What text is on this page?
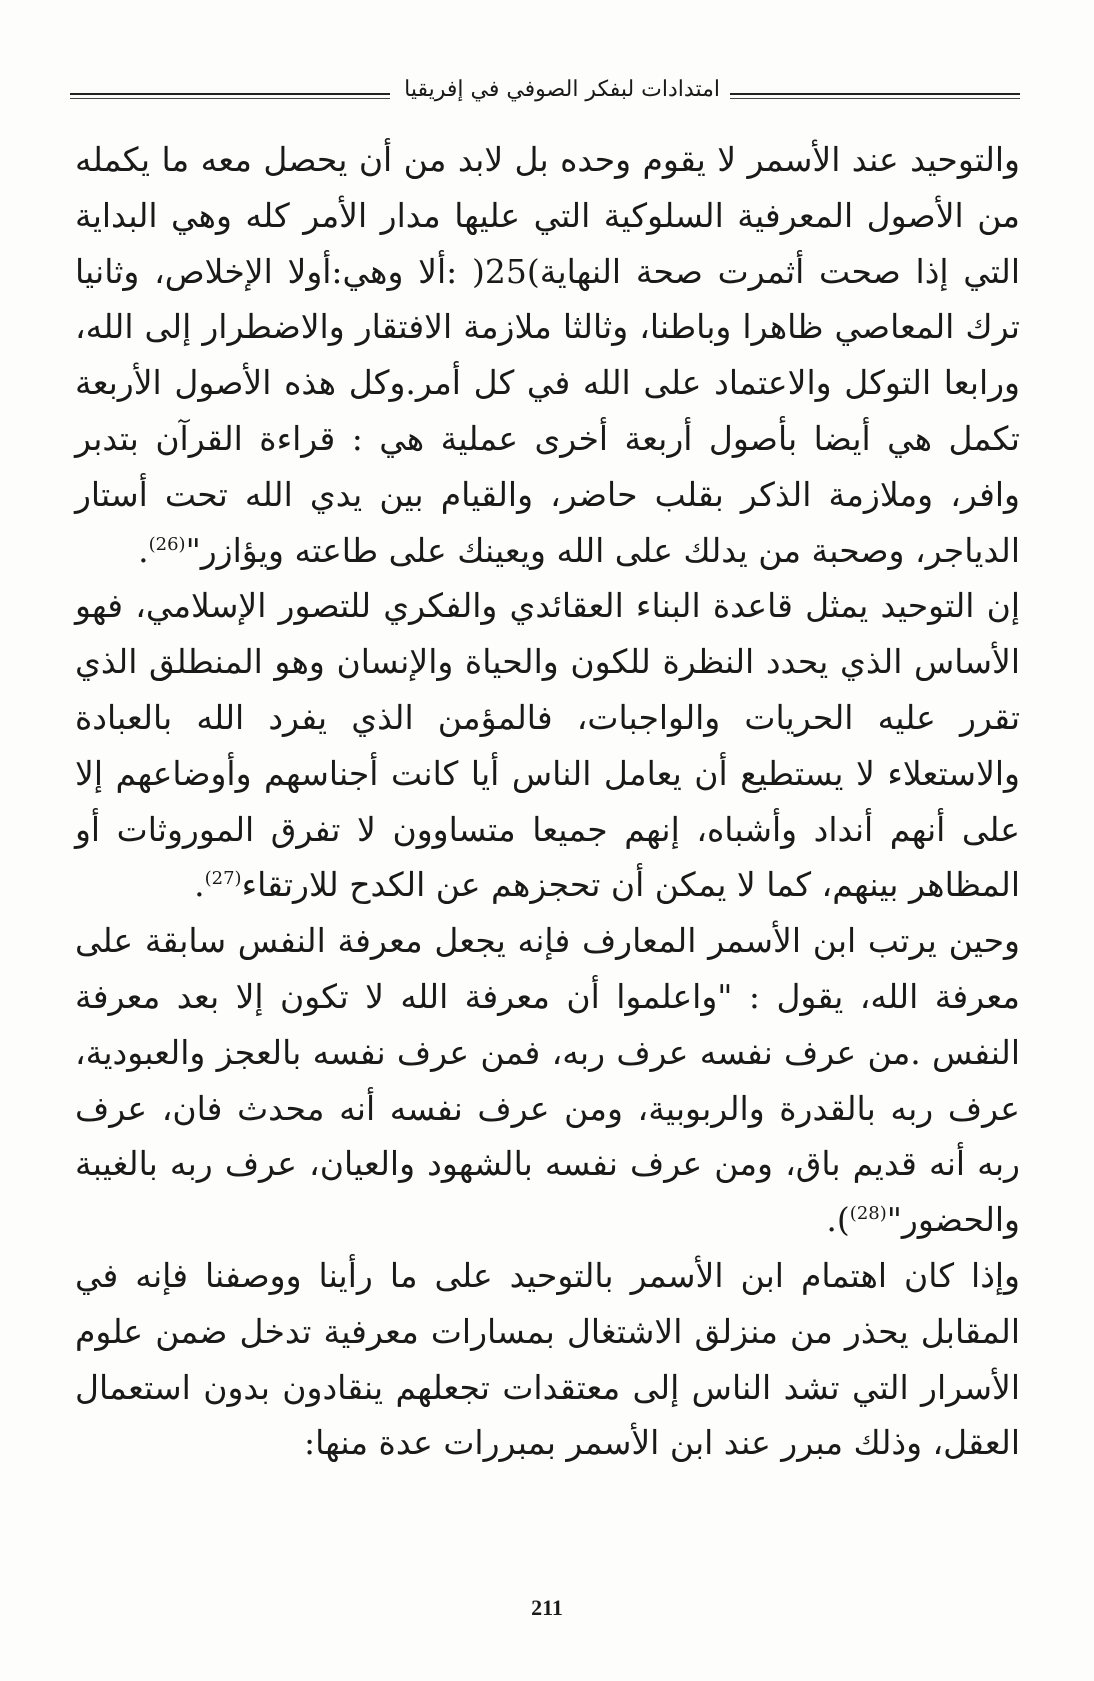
امتدادات لبفكر الصوفي في إفريقيا

والتوحيد عند الأسمر لا يقوم وحده بل لابد من أن يحصل معه ما يكمله من الأصول المعرفية السلوكية التي عليها مدار الأمر كله وهي البداية التي إذا صحت أثمرت صحة النهاية)25( :ألا وهي:أولا الإخلاص، وثانيا ترك المعاصي ظاهرا وباطنا، وثالثا ملازمة الافتقار والاضطرار إلى الله، ورابعا التوكل والاعتماد على الله في كل أمر.وكل هذه الأصول الأربعة تكمل هي أيضا بأصول أربعة أخرى عملية هي : قراءة القرآن بتدبر وافر، وملازمة الذكر بقلب حاضر، والقيام بين يدي الله تحت أستار الدياجر، وصحبة من يدلك على الله ويعينك على طاعته ويؤازر"$^{(26)}$.

إن التوحيد يمثل قاعدة البناء العقائدي والفكري للتصور الإسلامي، فهو الأساس الذي يحدد النظرة للكون والحياة والإنسان وهو المنطلق الذي تقرر عليه الحريات والواجبات، فالمؤمن الذي يفرد الله بالعبادة والاستعلاء لا يستطيع أن يعامل الناس أيا كانت أجناسهم وأوضاعهم إلا على أنهم أنداد وأشباه، إنهم جميعا متساوون لا تفرق الموروثات أو المظاهر بينهم، كما لا يمكن أن تحجزهم عن الكدح للارتقاء$^{(27)}$.

وحين يرتب ابن الأسمر المعارف فإنه يجعل معرفة النفس سابقة على معرفة الله، يقول : "واعلموا أن معرفة الله لا تكون إلا بعد معرفة النفس .من عرف نفسه عرف ربه، فمن عرف نفسه بالعجز والعبودية، عرف ربه بالقدرة والربوبية، ومن عرف نفسه أنه محدث فان، عرف ربه أنه قديم باق، ومن عرف نفسه بالشهود والعيان، عرف ربه بالغيبة والحضور"$^{(28)}$).

وإذا كان اهتمام ابن الأسمر بالتوحيد على ما رأينا ووصفنا فإنه في المقابل يحذر من منزلق الاشتغال بمسارات معرفية تدخل ضمن علوم الأسرار التي تشد الناس إلى معتقدات تجعلهم ينقادون بدون استعمال العقل، وذلك مبرر عند ابن الأسمر بمبررات عدة منها:

211
